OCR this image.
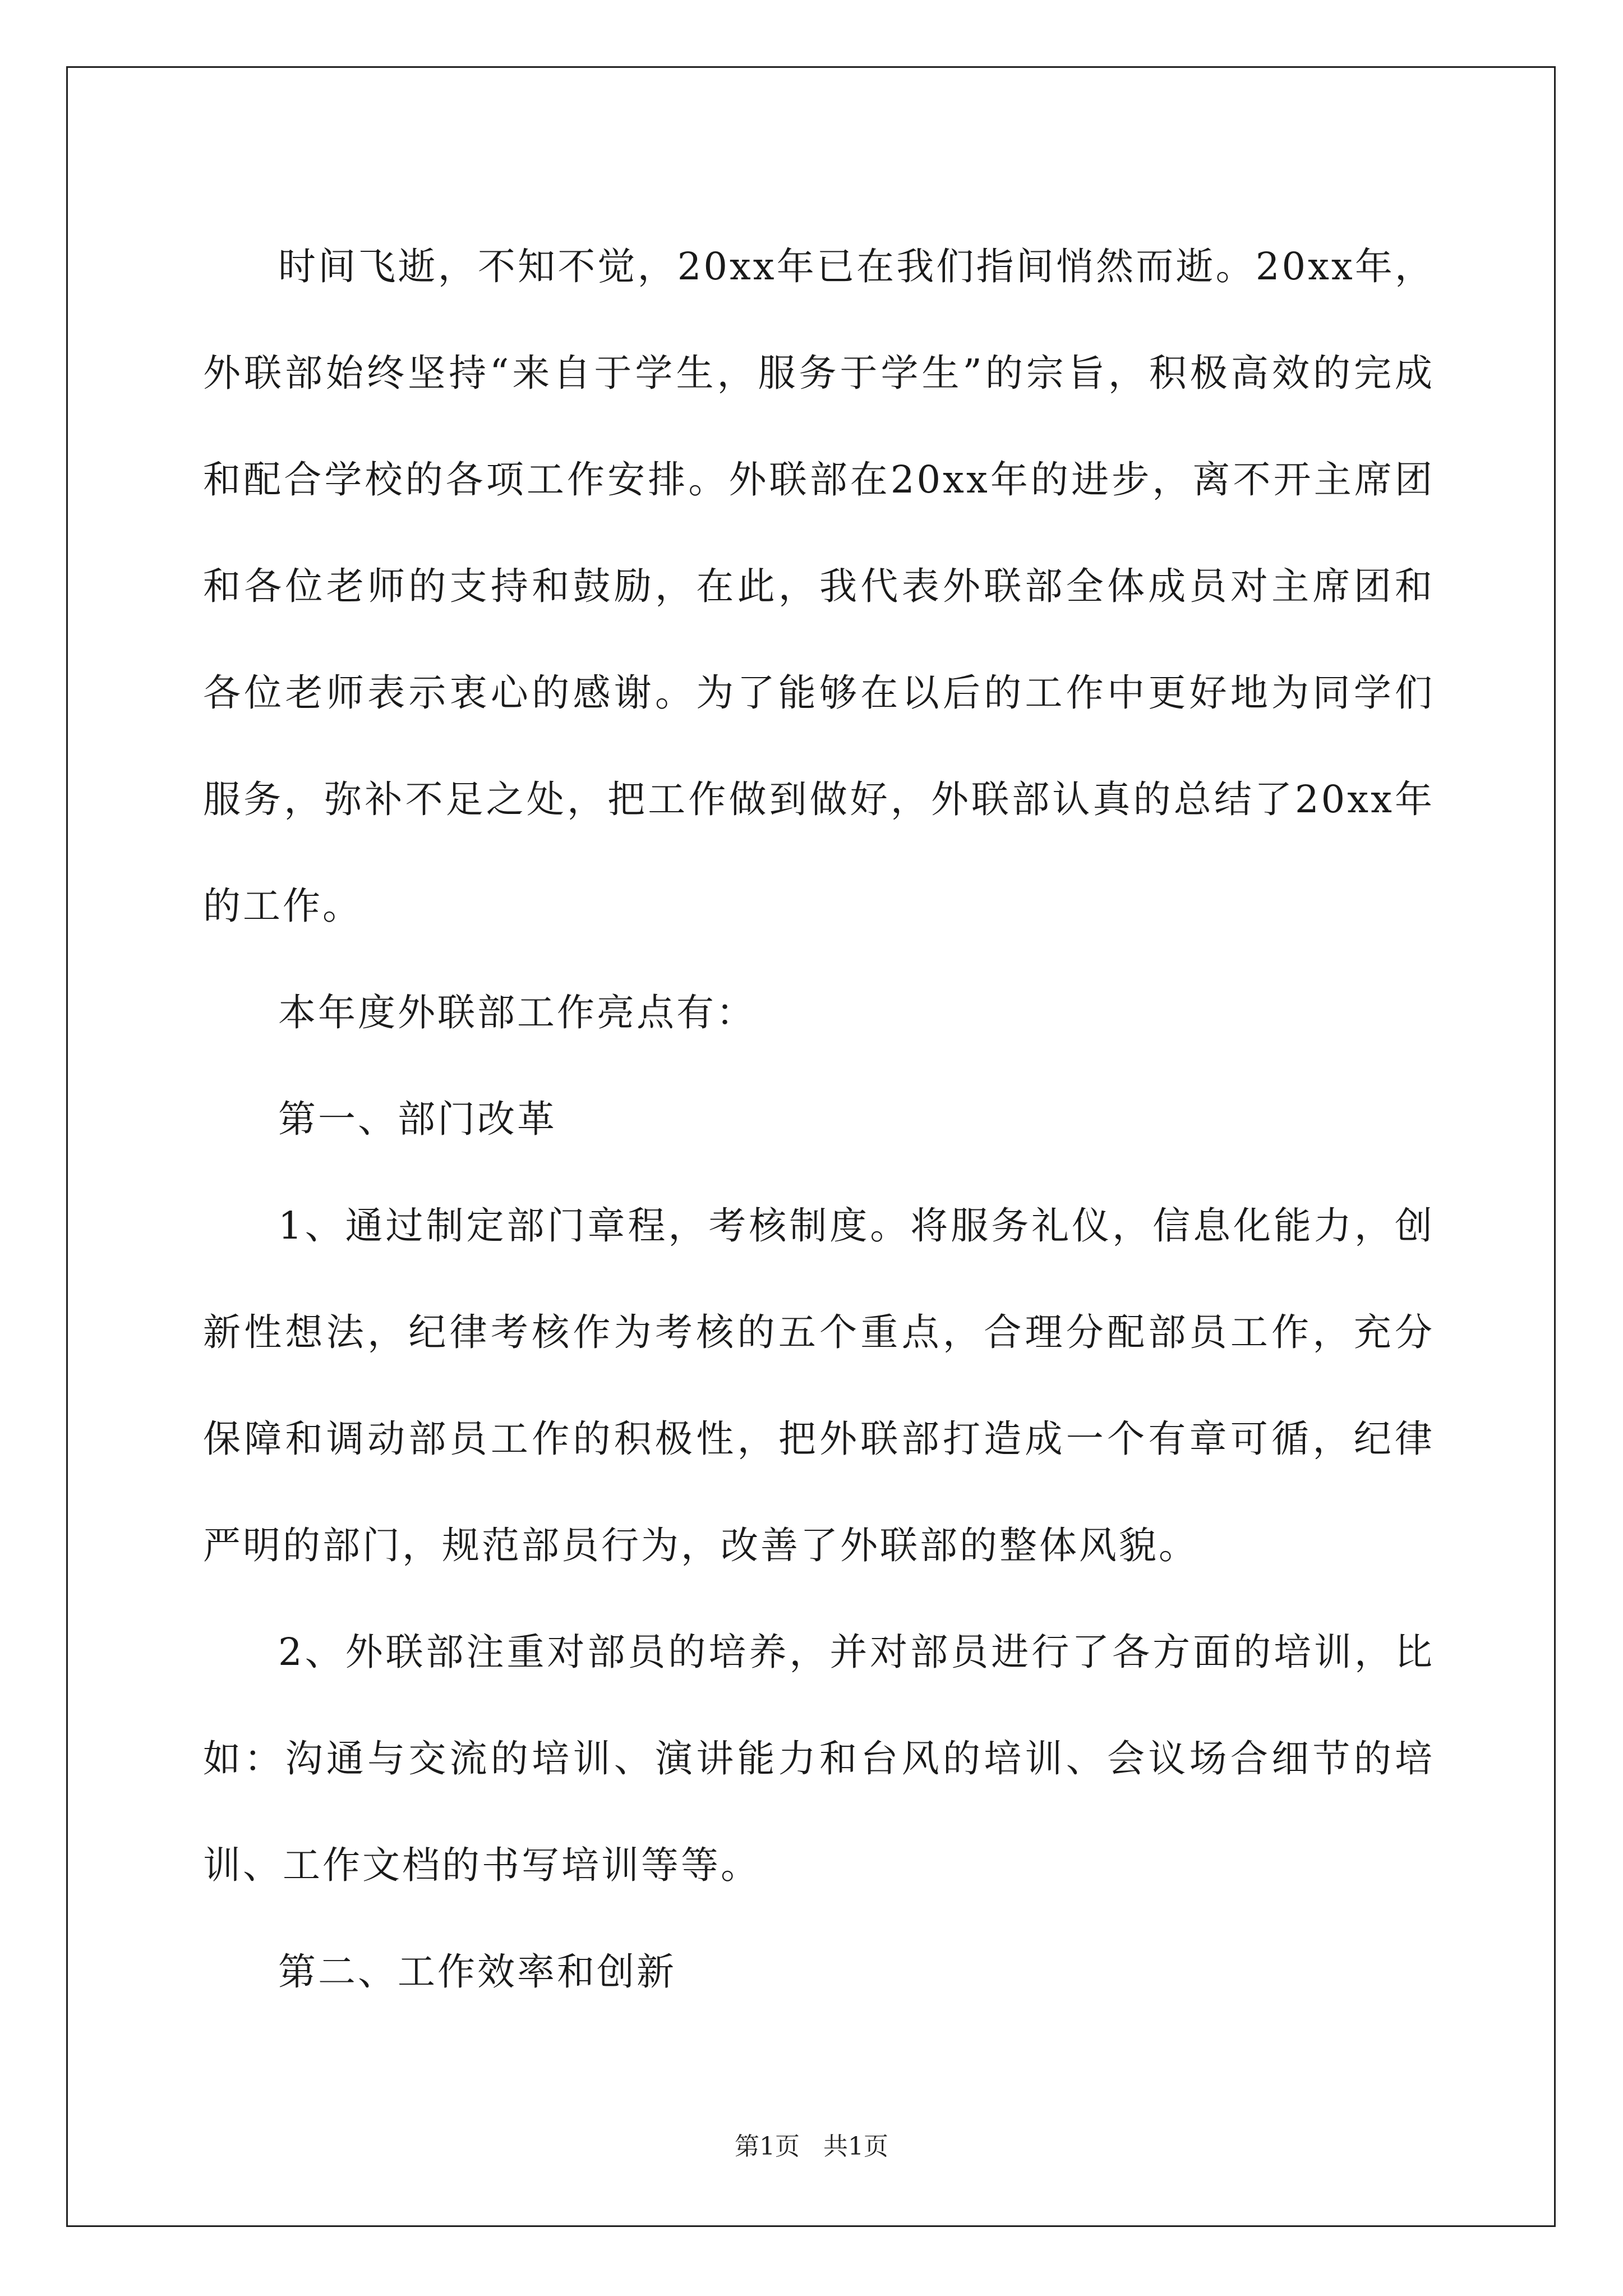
时间飞逝，不知不觉，20xx年已在我们指间悄然而逝。20xx年，外联部始终坚持“来自于学生，服务于学生”的宗旨，积极高效的完成和配合学校的各项工作安排。外联部在20xx年的进步，离不开主席团和各位老师的支持和鼓励，在此，我代表外联部全体成员对主席团和各位老师表示衷心的感谢。为了能够在以后的工作中更好地为同学们服务，弥补不足之处，把工作做到做好，外联部认真的总结了20xx年的工作。

本年度外联部工作亮点有：

第一、部门改革

1、通过制定部门章程，考核制度。将服务礼仪，信息化能力，创新性想法，纪律考核作为考核的五个重点，合理分配部员工作，充分保障和调动部员工作的积极性，把外联部打造成一个有章可循，纪律严明的部门，规范部员行为，改善了外联部的整体风貌。

2、外联部注重对部员的培养，并对部员进行了各方面的培训，比如：沟通与交流的培训、演讲能力和台风的培训、会议场合细节的培训、工作文档的书写培训等等。

第二、工作效率和创新

第1页 共1页
